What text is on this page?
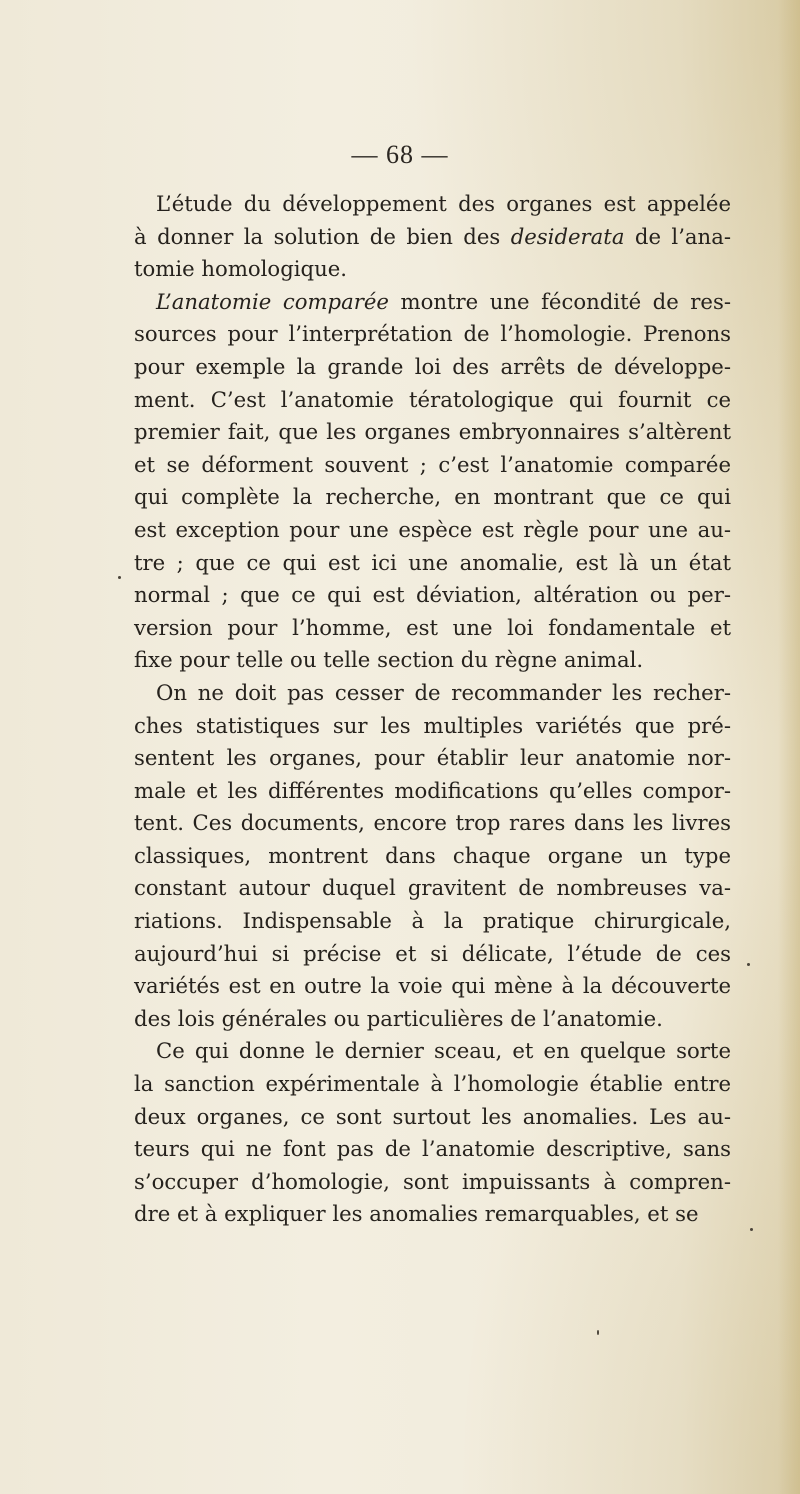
— 68 —

L’étude du développement des organes est appelée
à donner la solution de bien des desiderata de l’ana-
tomie homologique.

L’anatomie comparée montre une fécondité de res-
sources pour l’interprétation de l’homologie. Prenons
pour exemple la grande loi des arrêts de développe-
ment. C’est l’anatomie tératologique qui fournit ce
premier fait, que les organes embryonnaires s’altèrent
et se déforment souvent ; c’est l’anatomie comparée
qui complète la recherche, en montrant que ce qui
est exception pour une espèce est règle pour une au-
tre ; que ce qui est ici une anomalie, est là un état
normal ; que ce qui est déviation, altération ou per-
version pour l’homme, est une loi fondamentale et
fixe pour telle ou telle section du règne animal.

On ne doit pas cesser de recommander les recher-
ches statistiques sur les multiples variétés que pré-
sentent les organes, pour établir leur anatomie nor-
male et les différentes modifications qu’elles compor-
tent. Ces documents, encore trop rares dans les livres
classiques, montrent dans chaque organe un type
constant autour duquel gravitent de nombreuses va-
riations. Indispensable à la pratique chirurgicale,
aujourd’hui si précise et si délicate, l’étude de ces
variétés est en outre la voie qui mène à la découverte
des lois générales ou particulières de l’anatomie.

Ce qui donne le dernier sceau, et en quelque sorte
la sanction expérimentale à l’homologie établie entre
deux organes, ce sont surtout les anomalies. Les au-
teurs qui ne font pas de l’anatomie descriptive, sans
s’occuper d’homologie, sont impuissants à compren-
dre et à expliquer les anomalies remarquables, et se
